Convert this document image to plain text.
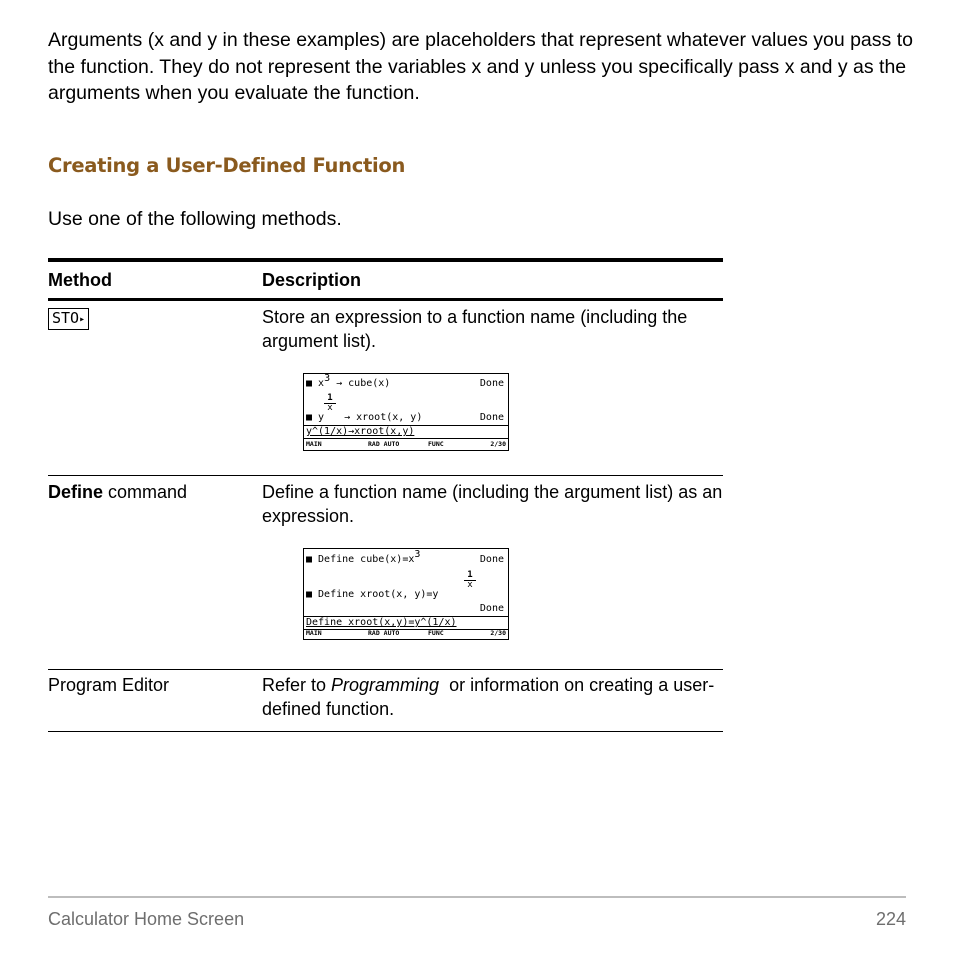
Arguments (x and y in these examples) are placeholders that represent whatever values you pass to the function. They do not represent the variables x and y unless you specifically pass x and y as the arguments when you evaluate the function.

Creating a User-Defined Function

Use one of the following methods.

Method	Description
STO▸	Store an expression to a function name (including the argument list).
■ x3 → cube(x)	Done
$\frac{1}{x}$
■ y → xroot(x, y)	Done
y^(1/x)→xroot(x,y)
MAIN	RAD AUTO	FUNC	2/30
Define command	Define a function name (including the argument list) as an expression.
■ Define cube(x)=x3	Done
$\frac{1}{x}$
■ Define xroot(x, y)=y
Done
Define xroot(x,y)=y^(1/x)
MAIN	RAD AUTO	FUNC	2/30
Program Editor	Refer to Programming  or information on creating a user-defined function.
Calculator Home Screen	224
